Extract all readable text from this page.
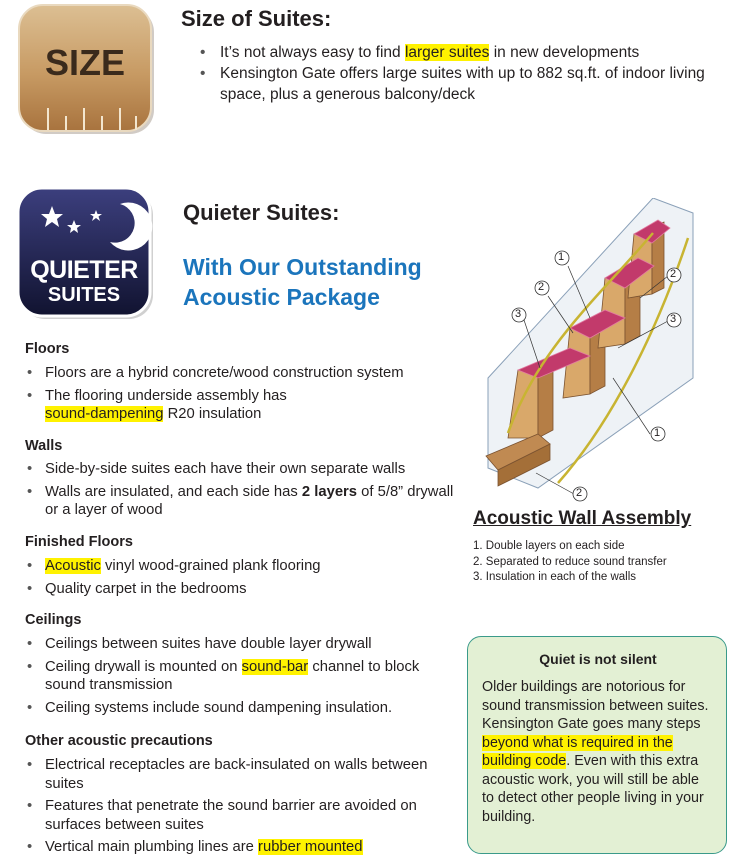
SIZE
Size of Suites:
• It’s not always easy to find larger suites in new developments
• Kensington Gate offers large suites with up to 882 sq.ft. of indoor living space, plus a generous balcony/deck
QUIETER
SUITES
Quieter Suites:
With Our Outstanding
Acoustic Package
Floors
• Floors are a hybrid concrete/wood construction system
• The flooring underside assembly has
sound-dampening R20 insulation
Walls
• Side-by-side suites each have their own separate walls
• Walls are insulated, and each side has 2 layers of 5/8” drywall or a layer of wood
Finished Floors
• Acoustic vinyl wood-grained plank flooring
• Quality carpet in the bedrooms
Ceilings
• Ceilings between suites have double layer drywall
• Ceiling drywall is mounted on sound-bar channel to block sound transmission
• Ceiling systems include sound dampening insulation.
Other acoustic precautions
• Electrical receptacles are back-insulated on walls between suites
• Features that penetrate the sound barrier are avoided on surfaces between suites
• Vertical main plumbing lines are rubber mounted
1
2
3
2
3
1
2
Acoustic Wall Assembly
1. Double layers on each side
2. Separated to reduce sound transfer
3. Insulation in each of the walls
Quiet is not silent

Older buildings are notorious for sound transmission between suites. Kensington Gate goes many steps beyond what is required in the building code. Even with this extra acoustic work, you will still be able to detect other people living in your building.
